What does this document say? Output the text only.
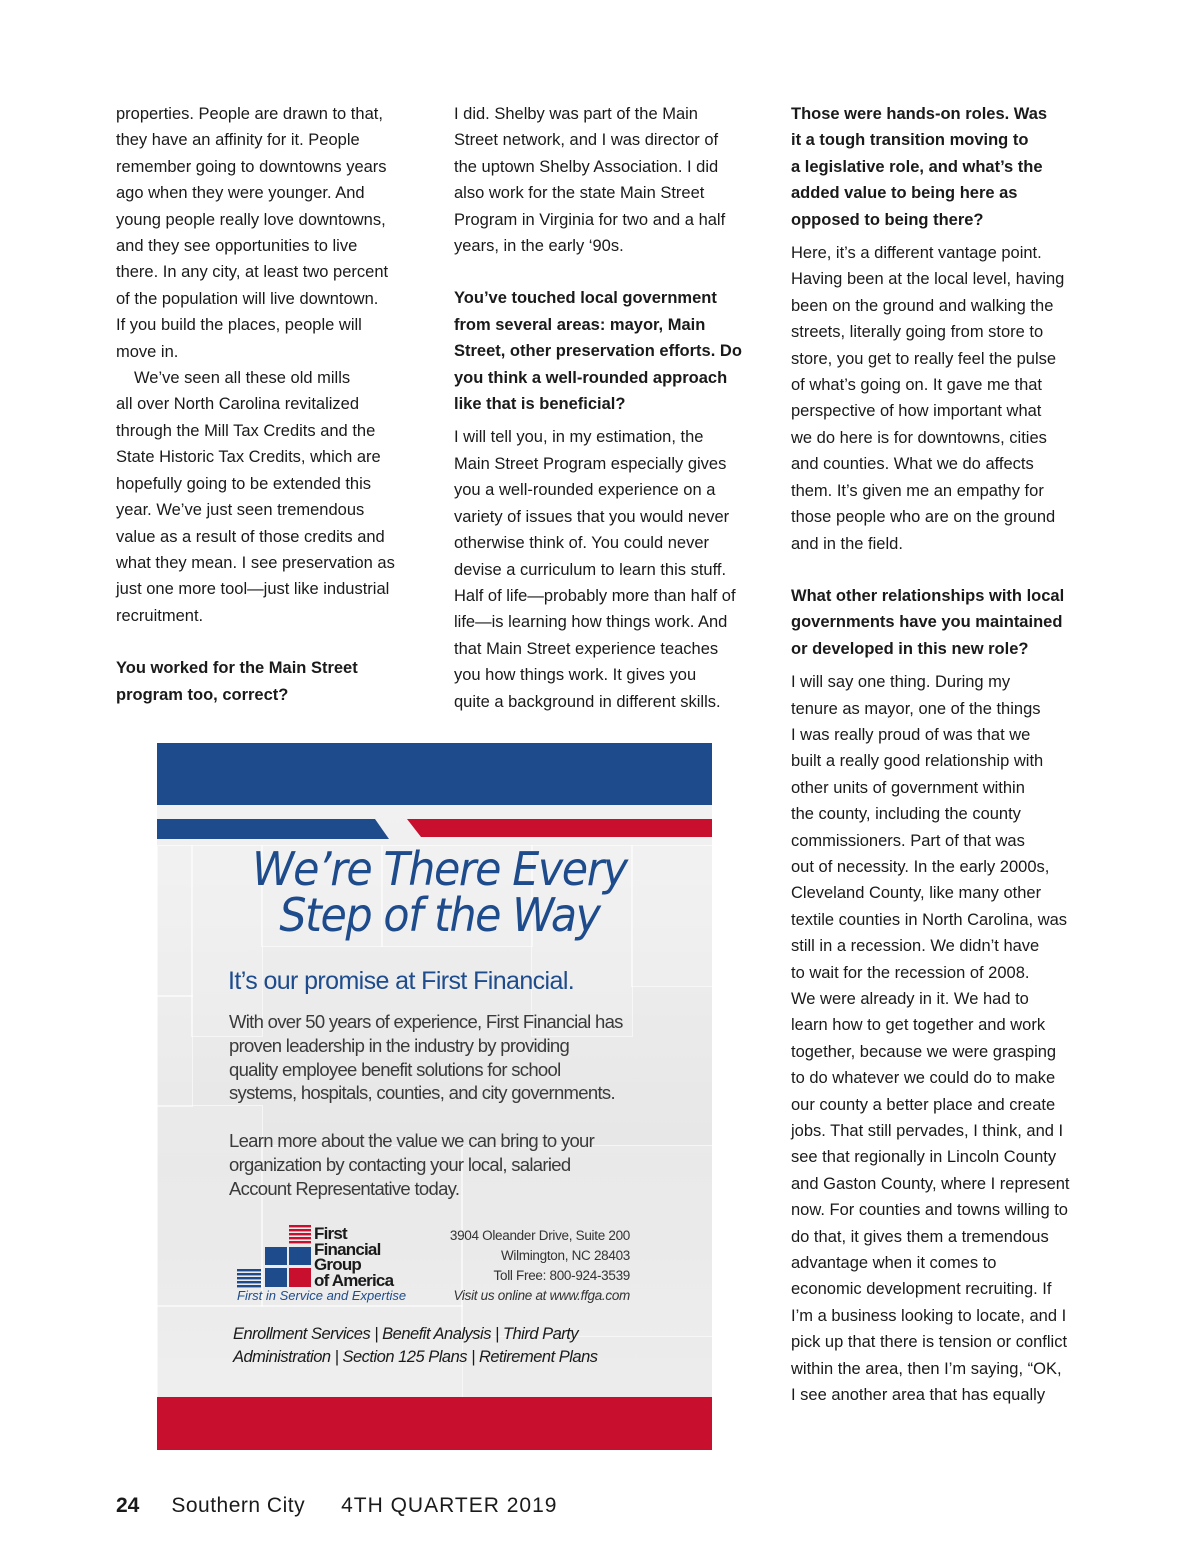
properties. People are drawn to that,

they have an affinity for it. People

remember going to downtowns years

ago when they were younger. And

young people really love downtowns,

and they see opportunities to live

there. In any city, at least two percent

of the population will live downtown.

If you build the places, people will

move in.

We’ve seen all these old mills

all over North Carolina revitalized

through the Mill Tax Credits and the

State Historic Tax Credits, which are

hopefully going to be extended this

year. We’ve just seen tremendous

value as a result of those credits and

what they mean. I see preservation as

just one more tool—just like industrial

recruitment.

You worked for the Main Street

program too, correct?

I did. Shelby was part of the Main

Street network, and I was director of

the uptown Shelby Association. I did

also work for the state Main Street

Program in Virginia for two and a half

years, in the early ‘90s.

You’ve touched local government

from several areas: mayor, Main

Street, other preservation efforts. Do

you think a well-rounded approach

like that is beneficial?

I will tell you, in my estimation, the

Main Street Program especially gives

you a well-rounded experience on a

variety of issues that you would never

otherwise think of. You could never

devise a curriculum to learn this stuff.

Half of life—probably more than half of

life—is learning how things work. And

that Main Street experience teaches

you how things work. It gives you

quite a background in different skills.

Those were hands-on roles. Was

it a tough transition moving to

a legislative role, and what’s the

added value to being here as

opposed to being there?

Here, it’s a different vantage point.

Having been at the local level, having

been on the ground and walking the

streets, literally going from store to

store, you get to really feel the pulse

of what’s going on. It gave me that

perspective of how important what

we do here is for downtowns, cities

and counties. What we do affects

them. It’s given me an empathy for

those people who are on the ground

and in the field.

What other relationships with local

governments have you maintained

or developed in this new role?

I will say one thing. During my

tenure as mayor, one of the things

I was really proud of was that we

built a really good relationship with

other units of government within

the county, including the county

commissioners. Part of that was

out of necessity. In the early 2000s,

Cleveland County, like many other

textile counties in North Carolina, was

still in a recession. We didn’t have

to wait for the recession of 2008.

We were already in it. We had to

learn how to get together and work

together, because we were grasping

to do whatever we could do to make

our county a better place and create

jobs. That still pervades, I think, and I

see that regionally in Lincoln County

and Gaston County, where I represent

now. For counties and towns willing to

do that, it gives them a tremendous

advantage when it comes to

economic development recruiting. If

I’m a business looking to locate, and I

pick up that there is tension or conflict

within the area, then I’m saying, “OK,

I see another area that has equally

We’re There Every
Step of the Way
It’s our promise at First Financial.
With over 50 years of experience, First Financial has
proven leadership in the industry by providing
quality employee benefit solutions for school
systems, hospitals, counties, and city governments.
Learn more about the value we can bring to your
organization by contacting your local, salaried
Account Representative today.
First
Financial
Group
of America
First in Service and Expertise
3904 Oleander Drive, Suite 200
Wilmington, NC 28403
Toll Free: 800-924-3539
Visit us online at www.ffga.com
Enrollment Services | Benefit Analysis | Third Party
Administration | Section 125 Plans | Retirement Plans
24 Southern City 4TH QUARTER 2019
